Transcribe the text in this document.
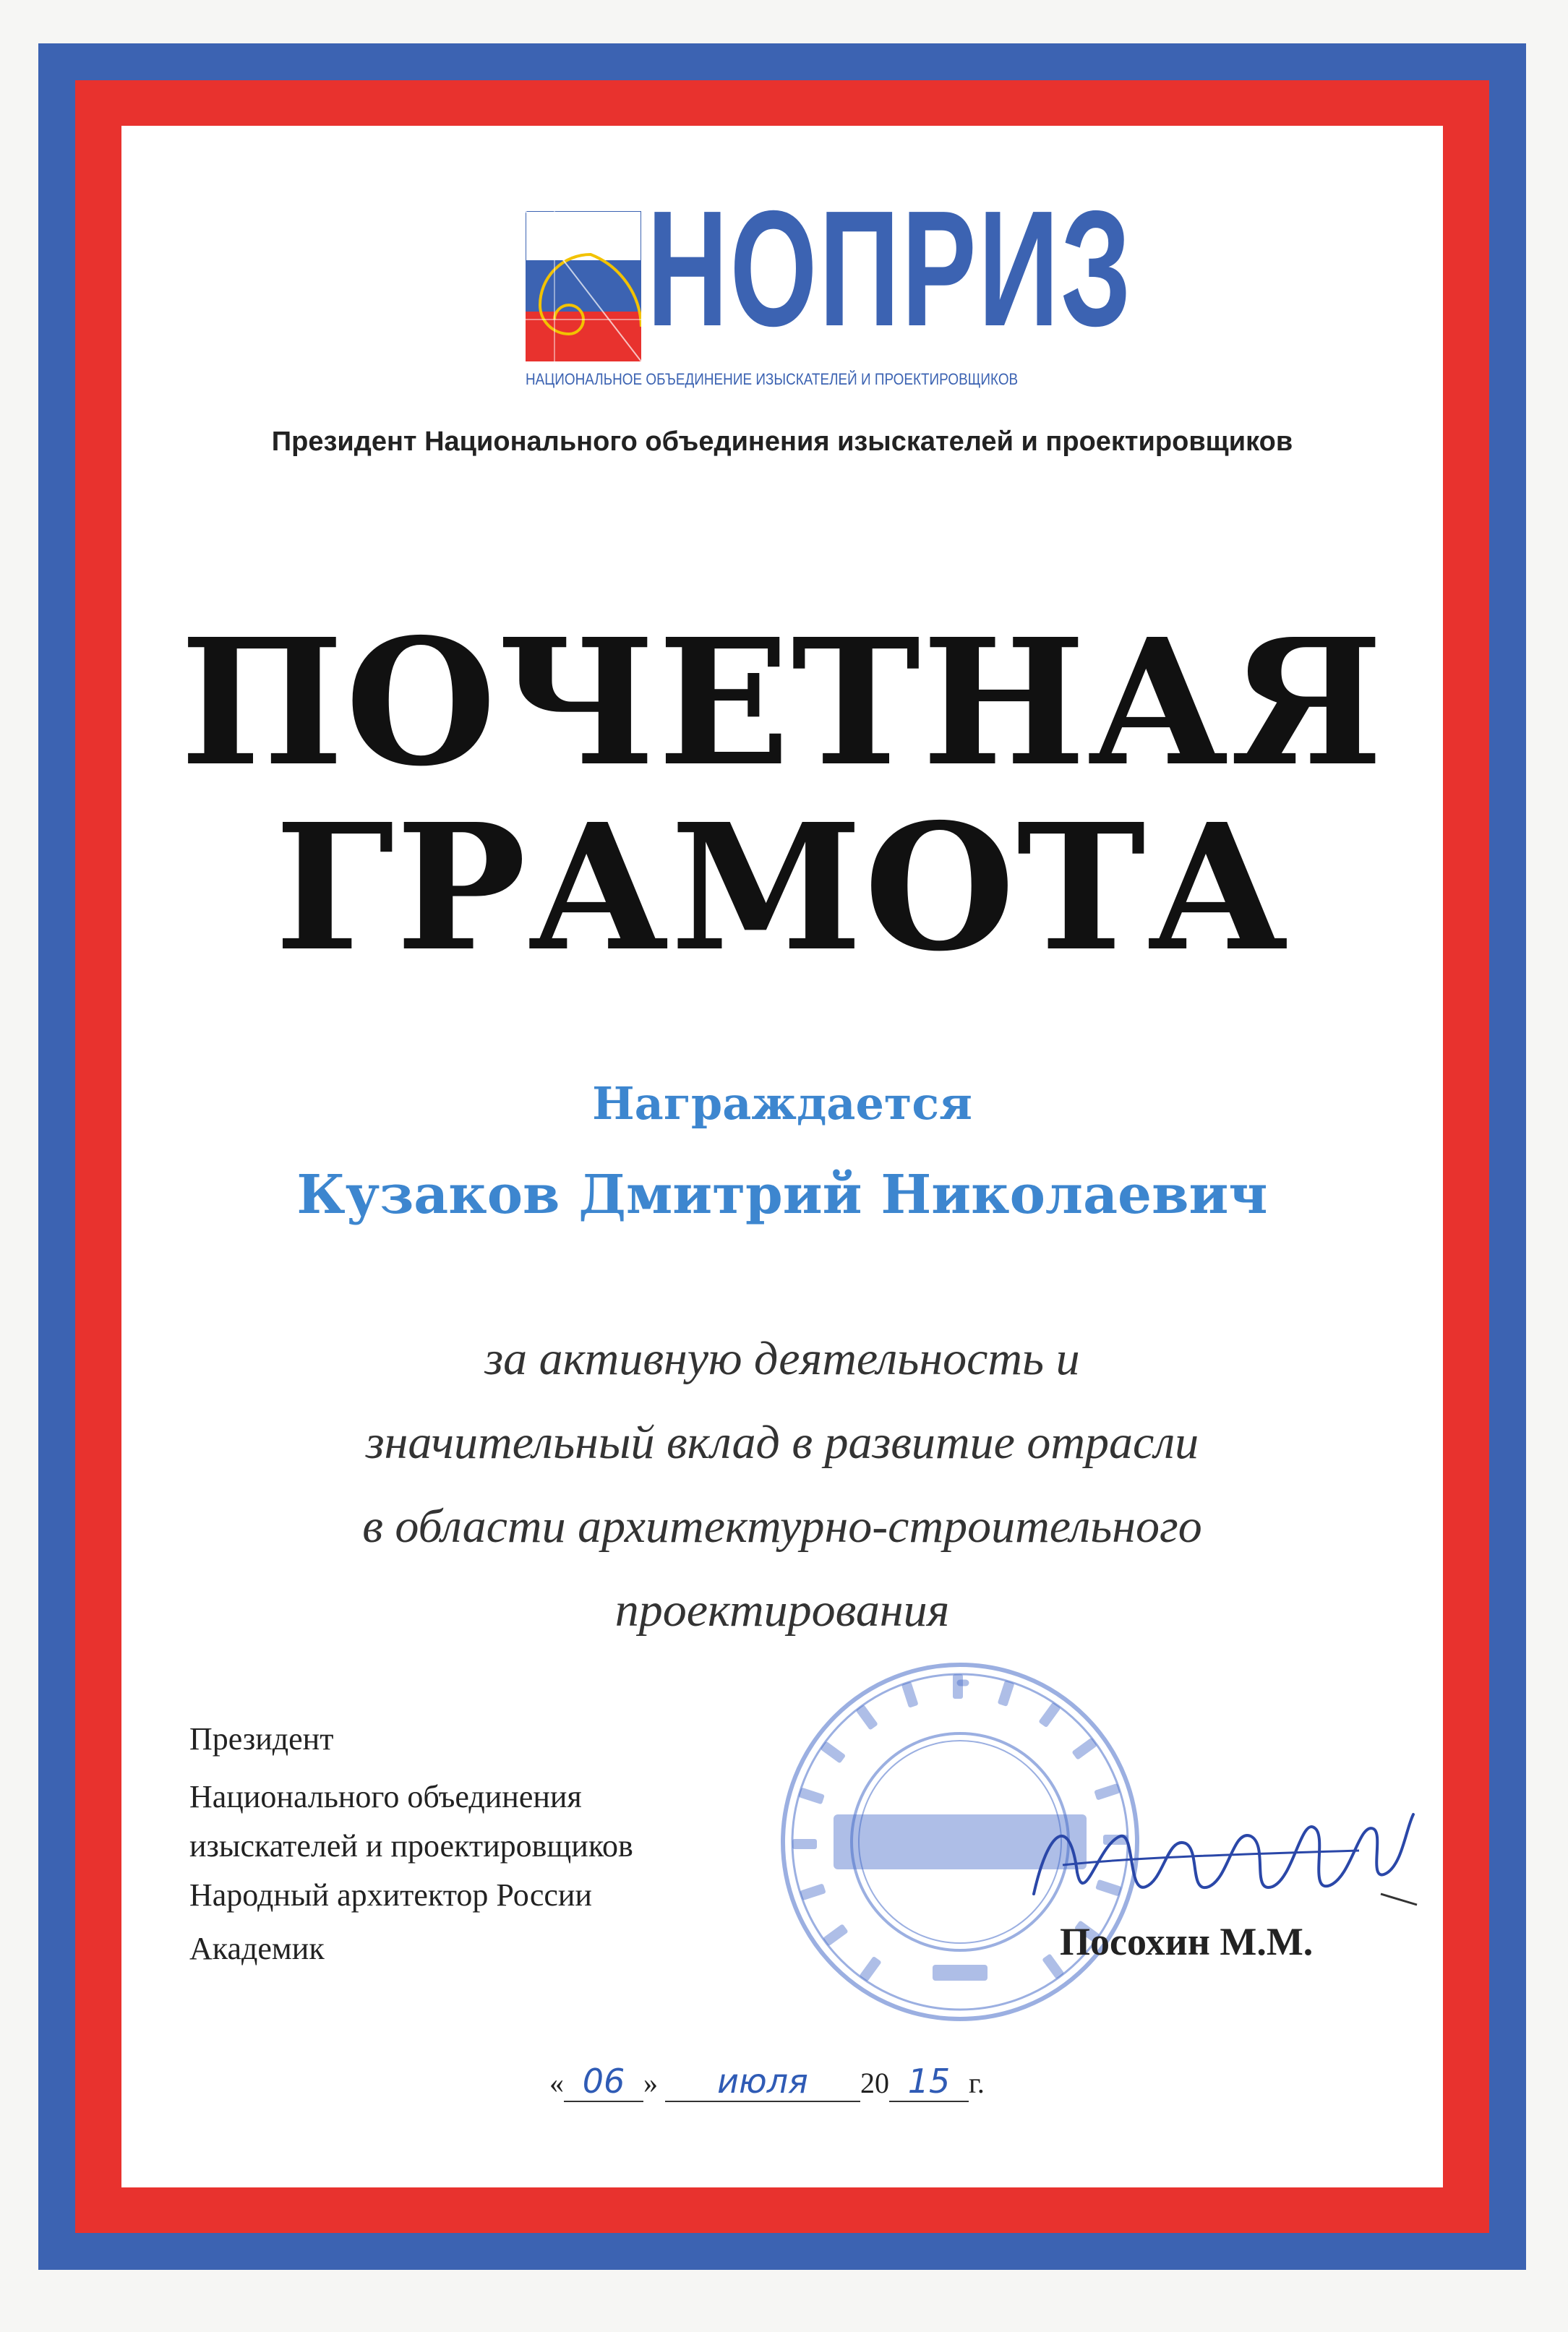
НОПРИЗ

НАЦИОНАЛЬНОЕ ОБЪЕДИНЕНИЕ ИЗЫСКАТЕЛЕЙ И ПРОЕКТИРОВЩИКОВ

Президент Национального объединения изыскателей и проектировщиков

ПОЧЕТНАЯ

ГРАМОТА

Награждается

Кузаков Дмитрий Николаевич

за активную деятельность и

значительный вклад в развитие отрасли

в области архитектурно-строительного

проектирования

Президент

Национального объединения

изыскателей и проектировщиков

Народный архитектор России

Академик	Посохин М.М.

« 06 » июля 20 15 г.
